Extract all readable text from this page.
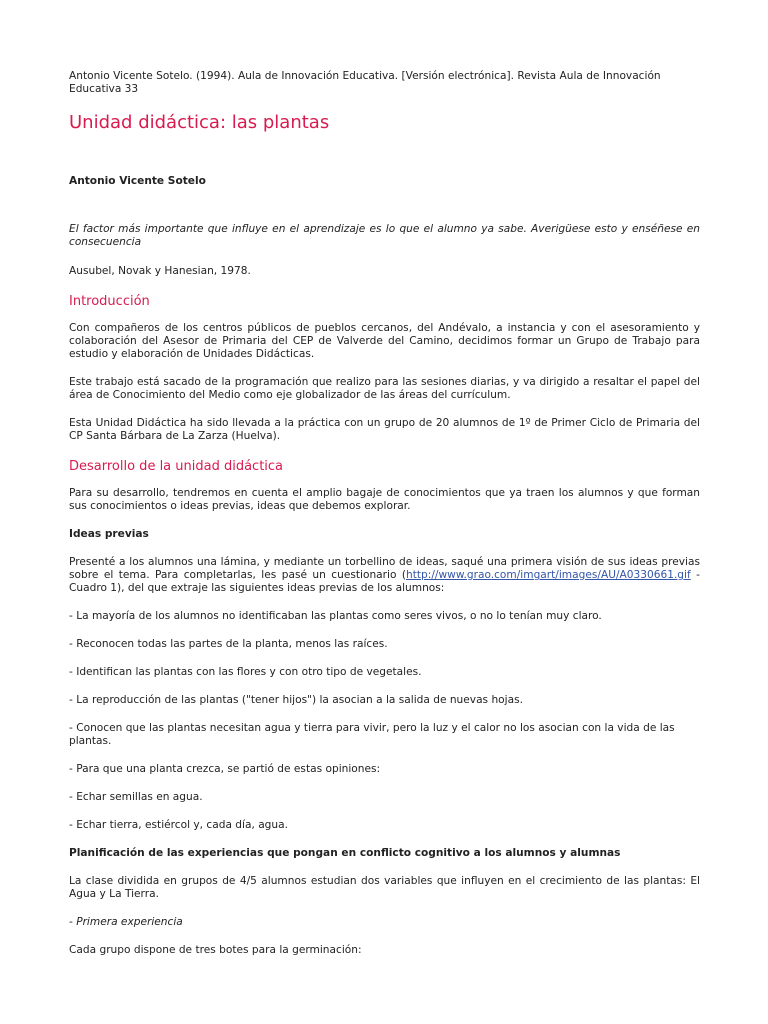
Antonio Vicente Sotelo. (1994). Aula de Innovación Educativa. [Versión electrónica]. Revista Aula de Innovación Educativa 33

Unidad didáctica: las plantas

Antonio Vicente Sotelo

El factor más importante que influye en el aprendizaje es lo que el alumno ya sabe. Averigüese esto y enséñese en consecuencia

Ausubel, Novak y Hanesian, 1978.

Introducción

Con compañeros de los centros públicos de pueblos cercanos, del Andévalo, a instancia y con el asesoramiento y colaboración del Asesor de Primaria del CEP de Valverde del Camino, decidimos formar un Grupo de Trabajo para estudio y elaboración de Unidades Didácticas.

Este trabajo está sacado de la programación que realizo para las sesiones diarias, y va dirigido a resaltar el papel del área de Conocimiento del Medio como eje globalizador de las áreas del currículum.

Esta Unidad Didáctica ha sido llevada a la práctica con un grupo de 20 alumnos de 1º de Primer Ciclo de Primaria del CP Santa Bárbara de La Zarza (Huelva).

Desarrollo de la unidad didáctica

Para su desarrollo, tendremos en cuenta el amplio bagaje de conocimientos que ya traen los alumnos y que forman sus conocimientos o ideas previas, ideas que debemos explorar.

Ideas previas

Presenté a los alumnos una lámina, y mediante un torbellino de ideas, saqué una primera visión de sus ideas previas sobre el tema. Para completarlas, les pasé un cuestionario (http://www.grao.com/imgart/images/AU/A0330661.gif - Cuadro 1), del que extraje las siguientes ideas previas de los alumnos:

- La mayoría de los alumnos no identificaban las plantas como seres vivos, o no lo tenían muy claro.

- Reconocen todas las partes de la planta, menos las raíces.

- Identifican las plantas con las flores y con otro tipo de vegetales.

- La reproducción de las plantas ("tener hijos") la asocian a la salida de nuevas hojas.

- Conocen que las plantas necesitan agua y tierra para vivir, pero la luz y el calor no los asocian con la vida de las plantas.

- Para que una planta crezca, se partió de estas opiniones:

- Echar semillas en agua.

- Echar tierra, estiércol y, cada día, agua.

Planificación de las experiencias que pongan en conflicto cognitivo a los alumnos y alumnas

La clase dividida en grupos de 4/5 alumnos estudian dos variables que influyen en el crecimiento de las plantas: El Agua y La Tierra.

- Primera experiencia

Cada grupo dispone de tres botes para la germinación:
